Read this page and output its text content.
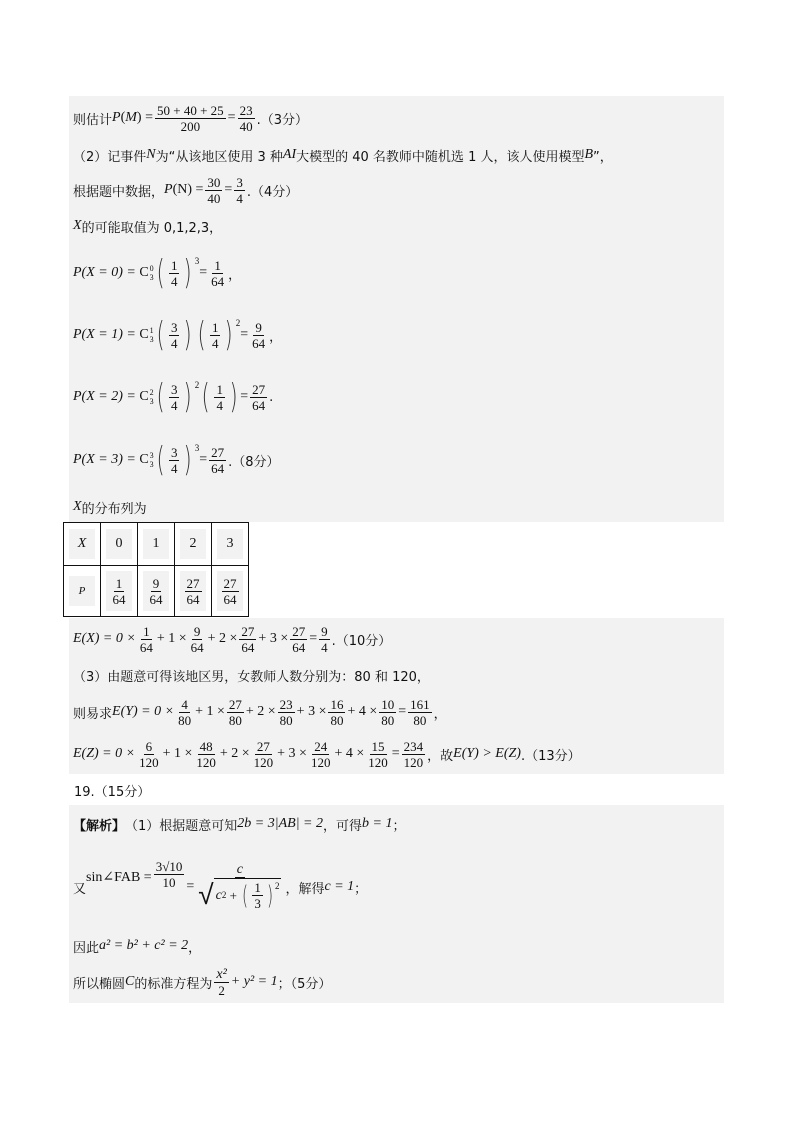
则估计 P ( M ) = $\frac{50 + 40 + 25}{200} = \frac{23}{40} .(3$分）
（2）记事件 N 为“从该地区使用 3 种 AI 大模型的 40 名教师中随机选 1 人，该人使用模型 B ”，
根据题中数据， P $(N) = \frac{30}{40} = \frac{3}{4} .(4$分）
X 的可能取值为 0,1,2,3，
P(X = 0) =
C 0
3 ( $\frac{1}{4}$ ) $^3$
= $\frac{1}{64}$ ，
P(X = 1) =
C 1
3 ( $\frac{3}{4}$ ) ( $\frac{1}{4}$ ) $^2$
= $\frac{9}{64}$ ，
P(X = 2) =
C 2
3 ( $\frac{3}{4}$ ) $^2$ ( $\frac{1}{4}$ ) = $\frac{27}{64}$ .
P(X = 3) =
C 3
3 ( $\frac{3}{4}$ ) $^3$
= $\frac{27}{64} .(8$分）
X 的分布列为
X	0	1	2	3
P	$\frac{1}{64}$	$\frac{9}{64}$	$\frac{27}{64}$	$\frac{27}{64}$
$E(X) = 0 \times \frac{1}{64} + 1 \times \frac{9}{64} + 2 \times \frac{27}{64} + 3 \times \frac{27}{64} = \frac{9}{4} .(10$分）
（3）由题意可得该地区男，女教师人数分别为：80 和 120，
则易求 $E(Y) = 0 \times \frac{4}{80} + 1 \times \frac{27}{80} + 2 \times \frac{23}{80} + 3 \times \frac{16}{80} + 4 \times \frac{10}{80} = \frac{161}{80}$ ，
$E(Z) = 0 \times \frac{6}{120} + 1 \times \frac{48}{120} + 2 \times \frac{27}{120} + 3 \times \frac{24}{120} + 4 \times \frac{15}{120} = \frac{234}{120}$ ，故 E(Y) > E(Z) .（13分）
19.（15分）
【解析】 （1）根据题意可知 2b = 3|AB| = 2 ，可得 b = 1 ；
又
sin∠FAB = $\frac{3√10}{10} = c$
√ c 2
+
( $\frac{1}{3} )^2$ ，解得 c = 1 ；
因此 a² = b² + c² = 2 ，
所以椭圆 C 的标准方程为 $\frac{\text{x²}}{2} + y^2 = 1$ ；（5分）
